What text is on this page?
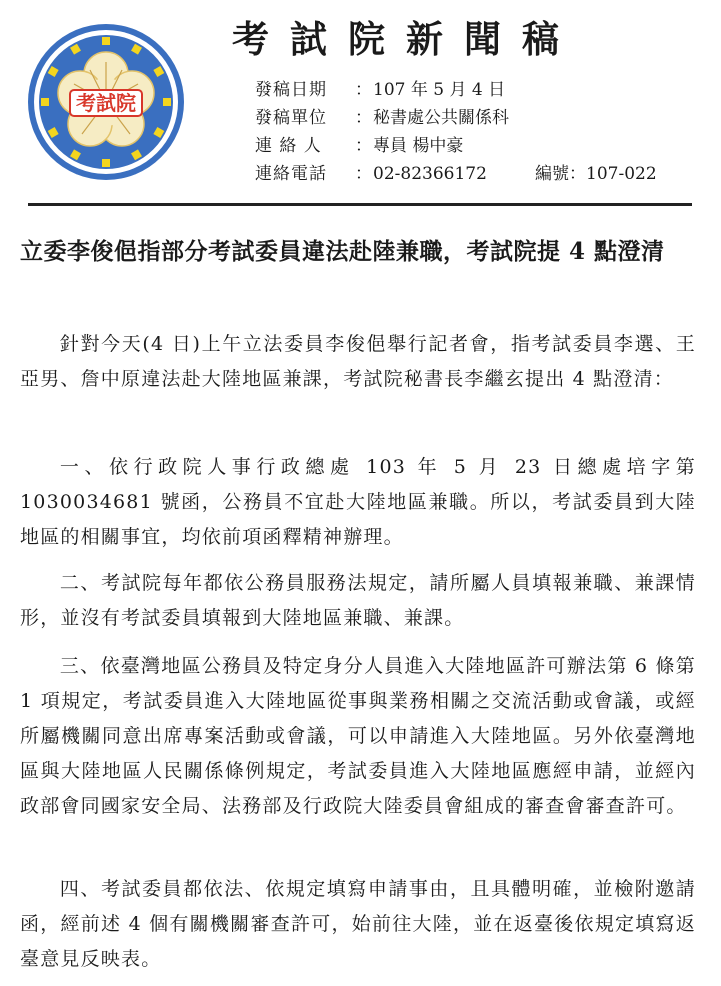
考試院
考試院新聞稿
發稿日期 ：107 年 5 月 4 日
發稿單位 ：秘書處公共關係科
連 絡 人 ：專員 楊中豪
連絡電話 ：02-82366172	編號：107-022
立委李俊俋指部分考試委員違法赴陸兼職，考試院提 4 點澄清
針對今天(4 日)上午立法委員李俊俋舉行記者會，指考試委員李選、王亞男、詹中原違法赴大陸地區兼課，考試院秘書長李繼玄提出 4 點澄清：
一、依行政院人事行政總處 103 年 5 月 23 日總處培字第 1030034681 號函，公務員不宜赴大陸地區兼職。所以，考試委員到大陸地區的相關事宜，均依前項函釋精神辦理。
二、考試院每年都依公務員服務法規定，請所屬人員填報兼職、兼課情形，並沒有考試委員填報到大陸地區兼職、兼課。
三、依臺灣地區公務員及特定身分人員進入大陸地區許可辦法第 6 條第 1 項規定，考試委員進入大陸地區從事與業務相關之交流活動或會議，或經所屬機關同意出席專案活動或會議，可以申請進入大陸地區。另外依臺灣地區與大陸地區人民關係條例規定，考試委員進入大陸地區應經申請，並經內政部會同國家安全局、法務部及行政院大陸委員會組成的審查會審查許可。
四、考試委員都依法、依規定填寫申請事由，且具體明確，並檢附邀請函，經前述 4 個有關機關審查許可，始前往大陸，並在返臺後依規定填寫返臺意見反映表。
